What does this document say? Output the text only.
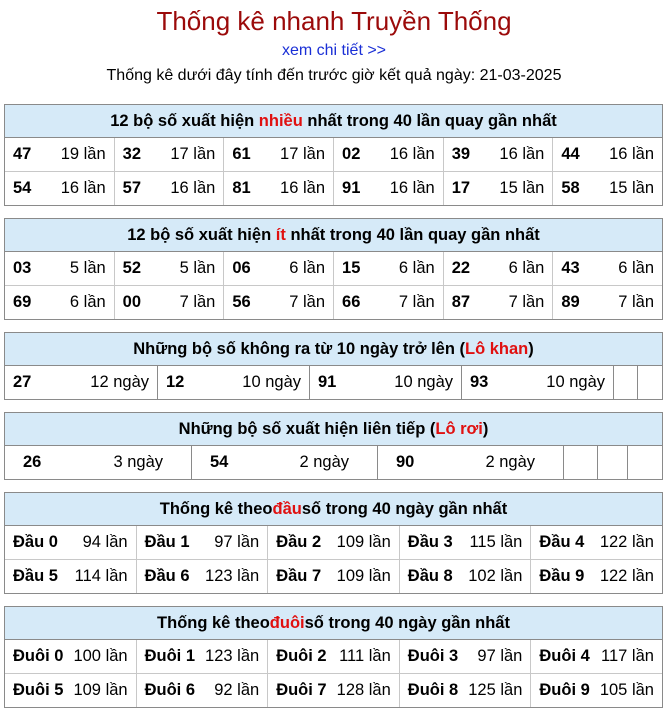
Thống kê nhanh Truyền Thống
xem chi tiết >>
Thống kê dưới đây tính đến trước giờ kết quả ngày: 21-03-2025
12 bộ số xuất hiện
nhiều
nhất trong 40 lần quay gần nhất
47 19 lần 32 17 lần 61 17 lần 02 16 lần 39 16 lần 44 16 lần
54 16 lần 57 16 lần 81 16 lần 91 16 lần 17 15 lần 58 15 lần
12 bộ số xuất hiện
ít
nhất trong 40 lần quay gần nhất
03 5 lần 52 5 lần 06 6 lần 15 6 lần 22 6 lần 43 6 lần
69 6 lần 00 7 lần 56 7 lần 66 7 lần 87 7 lần 89 7 lần
Những bộ số không ra từ 10 ngày trở lên ( Lô khan )
27	12 ngày 12	10 ngày 91	10 ngày 93	10 ngày
Những bộ số xuất hiện liên tiếp ( Lô rơi )
26	3 ngày	54	2 ngày	90	2 ngày
Thống kê theo đầu số trong 40 ngày gần nhất
Đầu 0 94 lần Đầu 1 97 lần Đầu 2 109 lần Đầu 3 115 lần Đầu 4 122 lần
Đầu 5 114 lần Đầu 6 123 lần Đầu 7 109 lần Đầu 8 102 lần Đầu 9 122 lần
Thống kê theo đuôi số trong 40 ngày gần nhất
Đuôi 0 100 lần Đuôi 1 123 lần Đuôi 2 111 lần Đuôi 3 97 lần Đuôi 4 117 lần
Đuôi 5 109 lần Đuôi 6 92 lần Đuôi 7 128 lần Đuôi 8 125 lần Đuôi 9 105 lần
